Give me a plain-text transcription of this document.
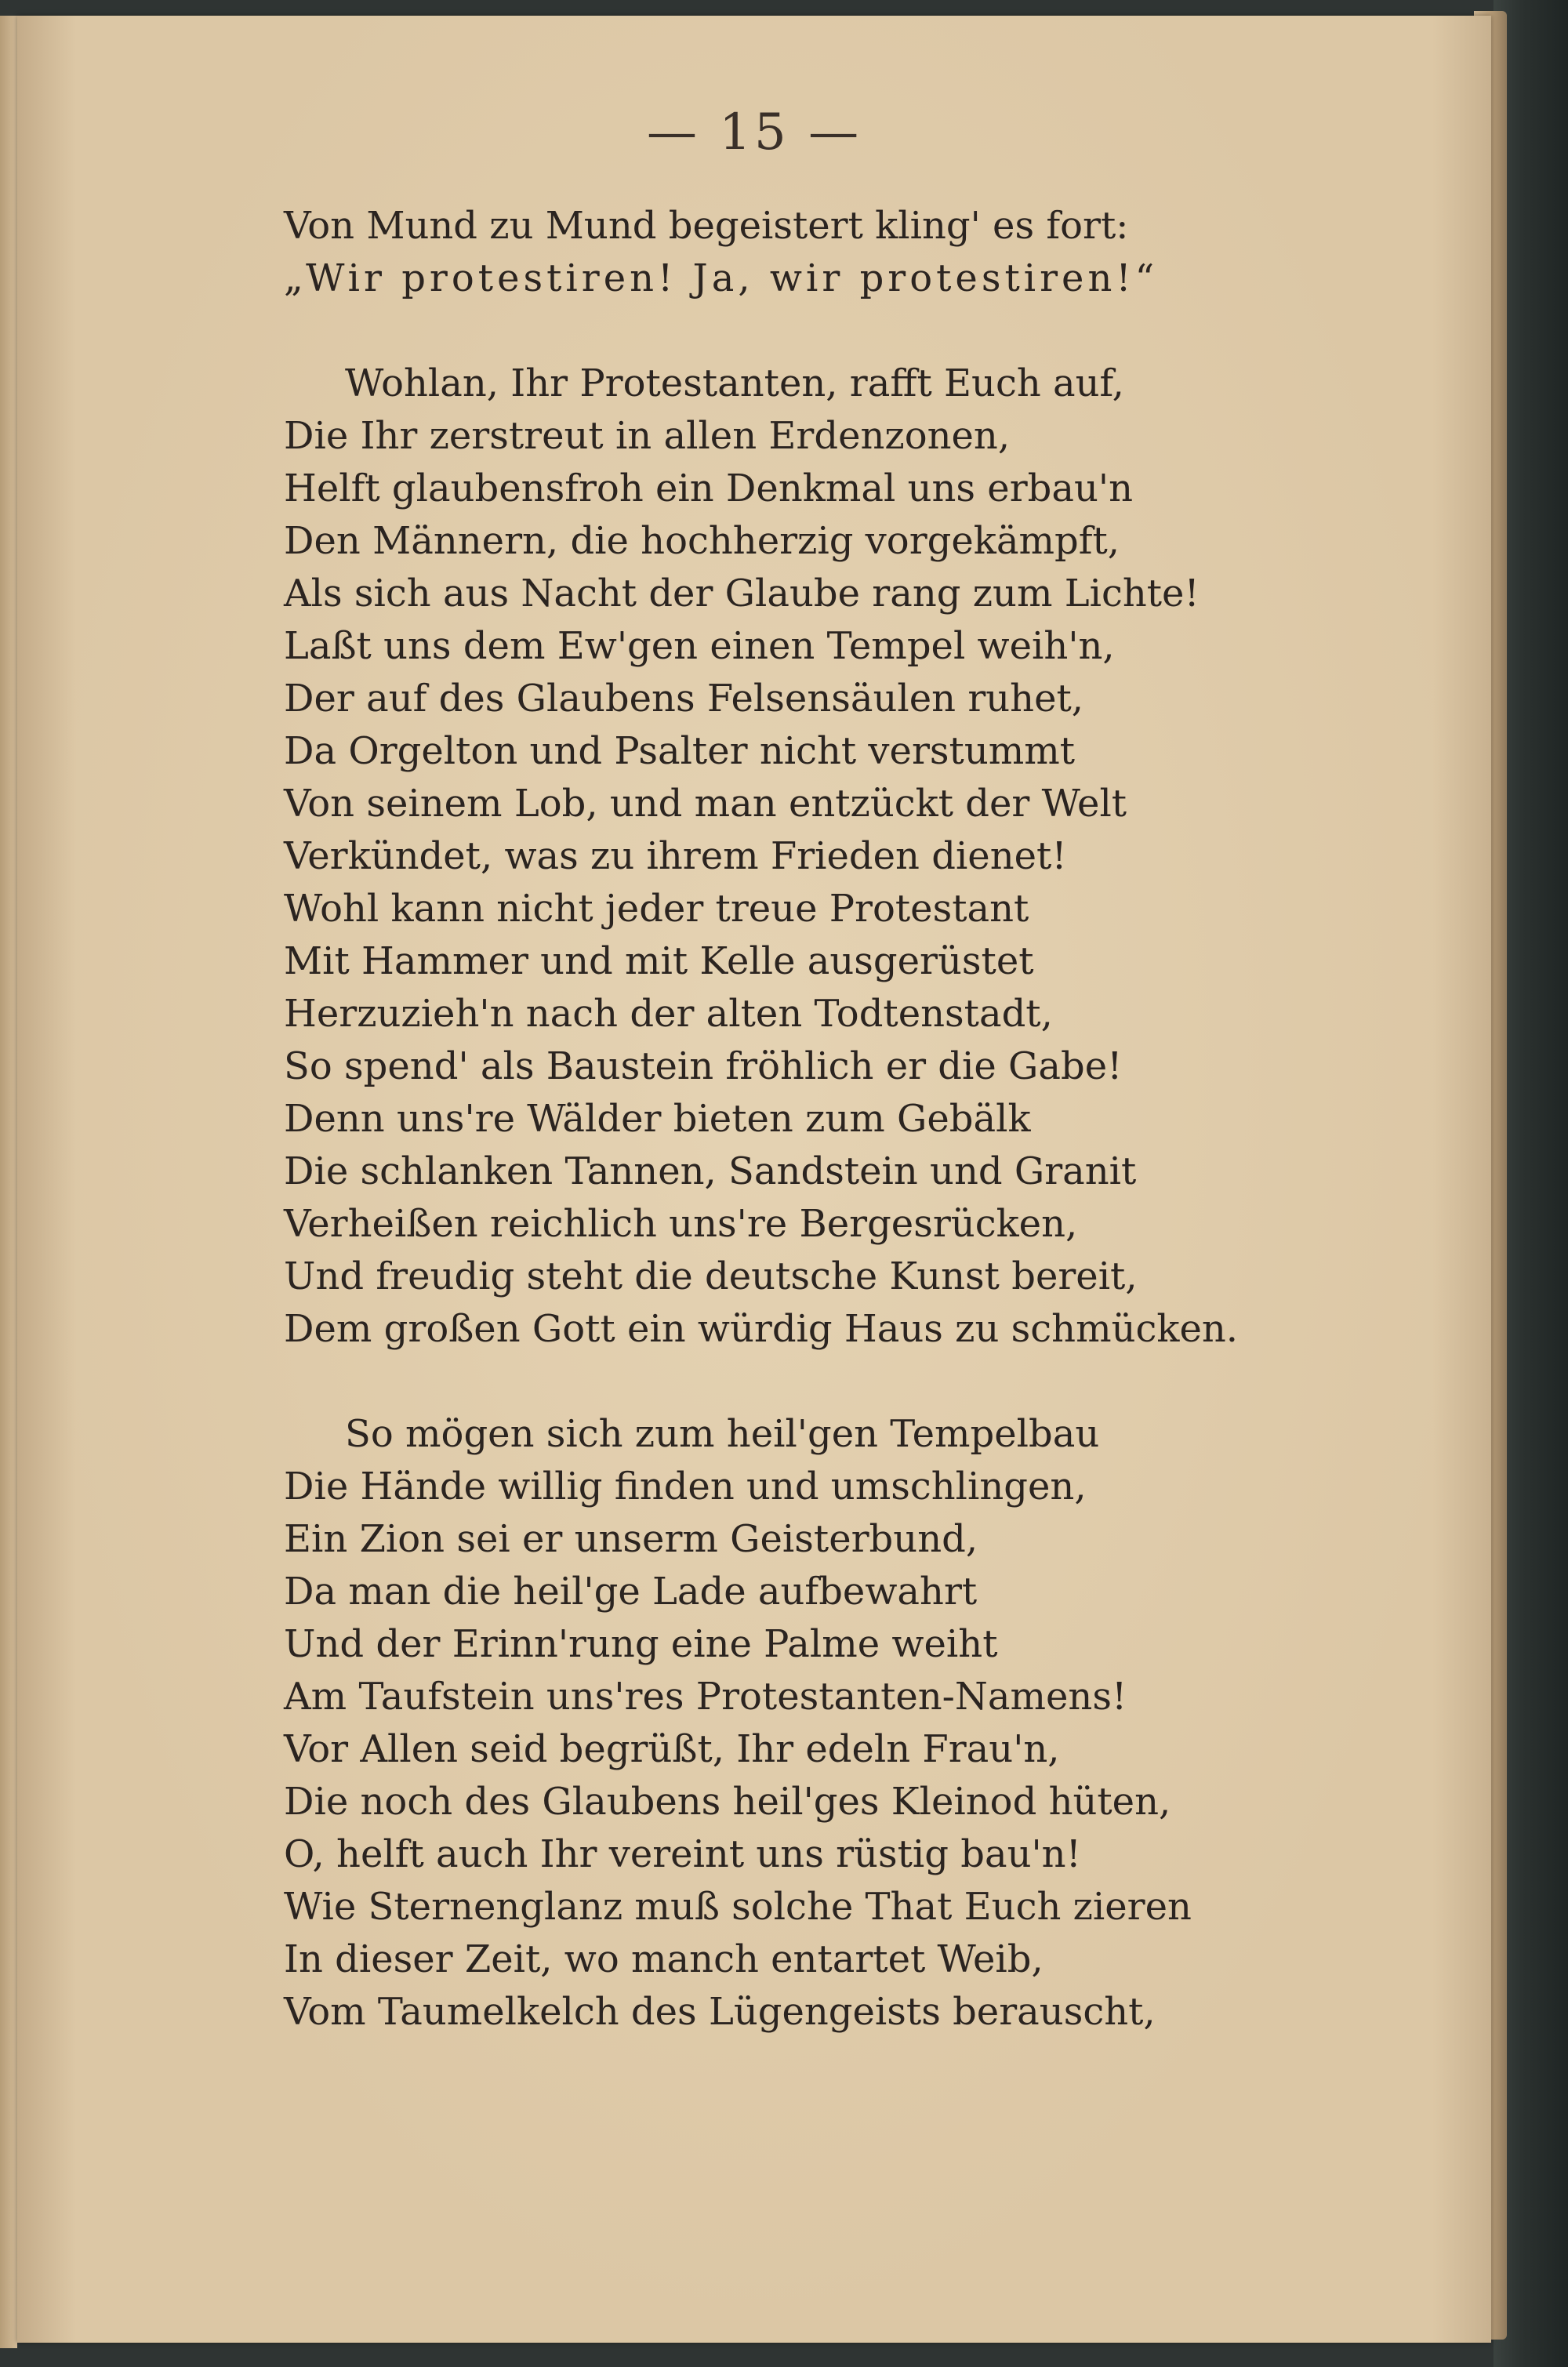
— 15 —
Von Mund zu Mund begeistert kling' es fort:
„Wir protestiren! Ja, wir protestiren!“
Wohlan, Ihr Protestanten, rafft Euch auf,
Die Ihr zerstreut in allen Erdenzonen,
Helft glaubensfroh ein Denkmal uns erbau'n
Den Männern, die hochherzig vorgekämpft,
Als sich aus Nacht der Glaube rang zum Lichte!
Laßt uns dem Ew'gen einen Tempel weih'n,
Der auf des Glaubens Felsensäulen ruhet,
Da Orgelton und Psalter nicht verstummt
Von seinem Lob, und man entzückt der Welt
Verkündet, was zu ihrem Frieden dienet!
Wohl kann nicht jeder treue Protestant
Mit Hammer und mit Kelle ausgerüstet
Herzuzieh'n nach der alten Todtenstadt,
So spend' als Baustein fröhlich er die Gabe!
Denn uns're Wälder bieten zum Gebälk
Die schlanken Tannen, Sandstein und Granit
Verheißen reichlich uns're Bergesrücken,
Und freudig steht die deutsche Kunst bereit,
Dem großen Gott ein würdig Haus zu schmücken.
So mögen sich zum heil'gen Tempelbau
Die Hände willig finden und umschlingen,
Ein Zion sei er unserm Geisterbund,
Da man die heil'ge Lade aufbewahrt
Und der Erinn'rung eine Palme weiht
Am Taufstein uns'res Protestanten-Namens!
Vor Allen seid begrüßt, Ihr edeln Frau'n,
Die noch des Glaubens heil'ges Kleinod hüten,
O, helft auch Ihr vereint uns rüstig bau'n!
Wie Sternenglanz muß solche That Euch zieren
In dieser Zeit, wo manch entartet Weib,
Vom Taumelkelch des Lügengeists berauscht,
